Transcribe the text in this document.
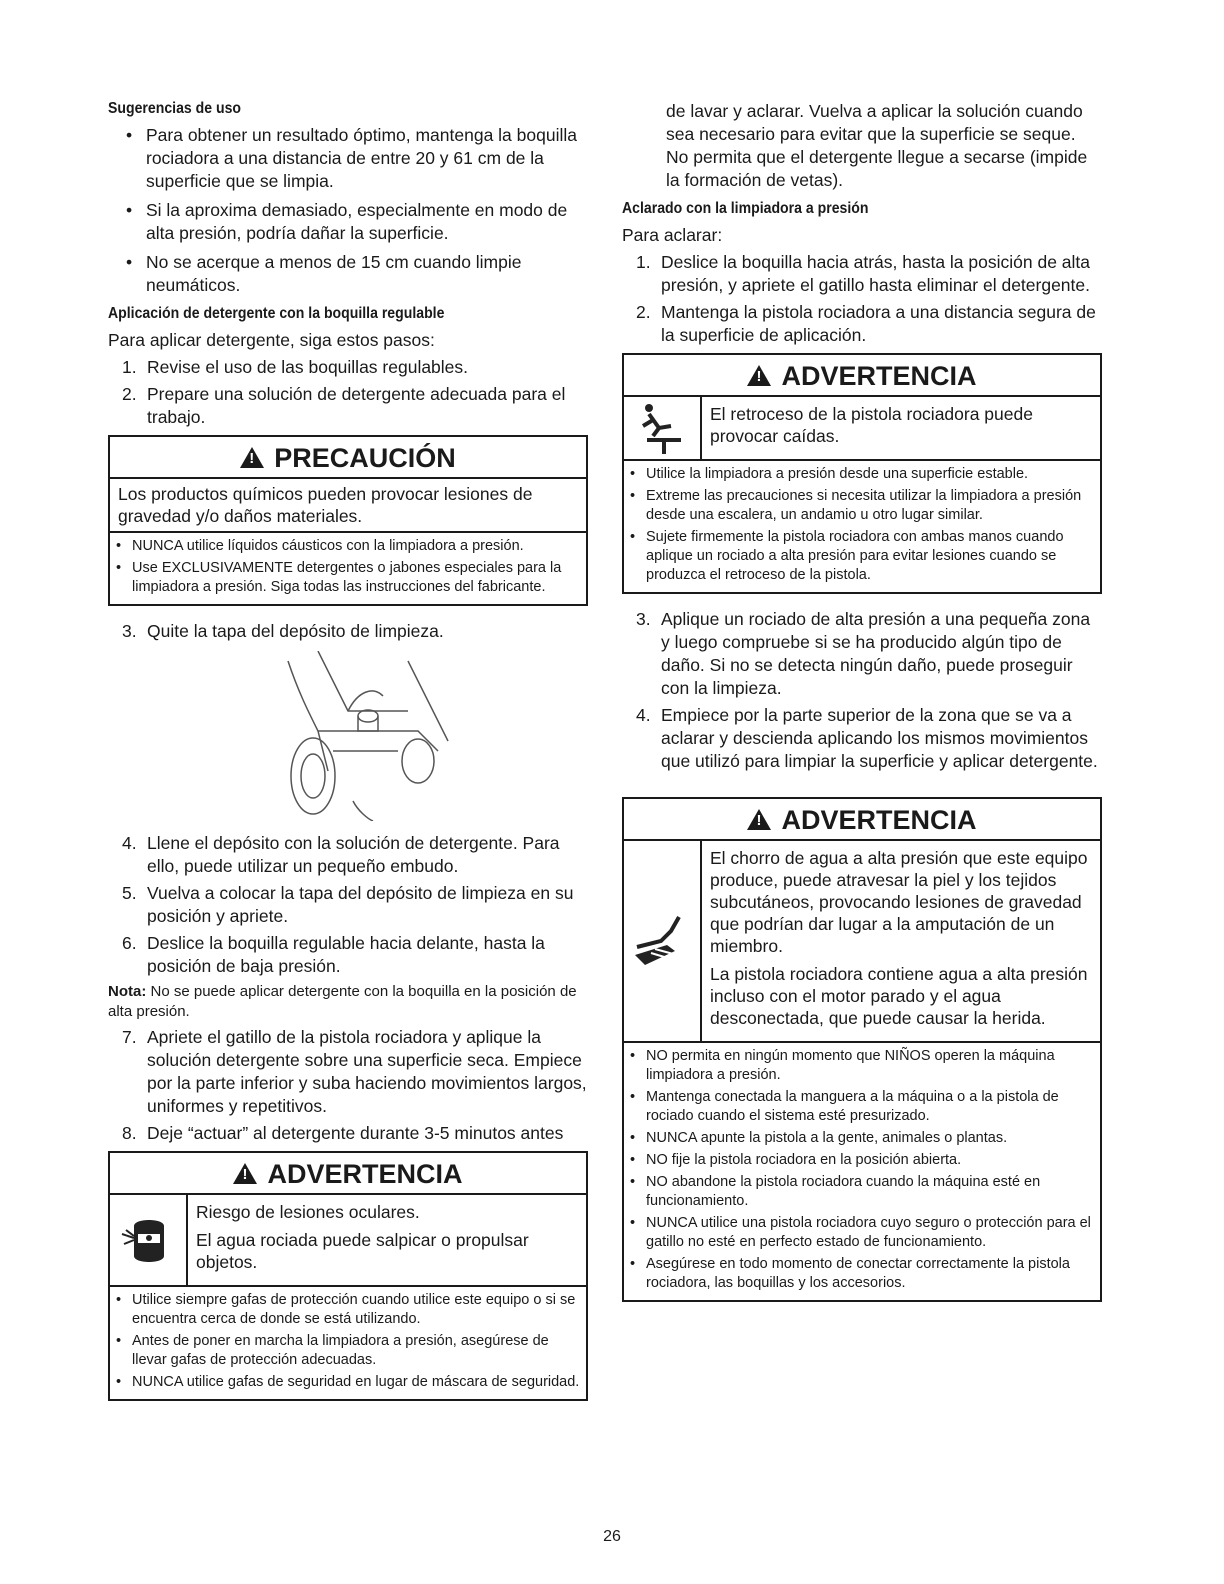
Sugerencias de uso
• Para obtener un resultado óptimo, mantenga la boquilla rociadora a una distancia de entre 20 y 61 cm de la superficie que se limpia.
• Si la aproxima demasiado, especialmente en modo de alta presión, podría dañar la superficie.
• No se acerque a menos de 15 cm cuando limpie neumáticos.
Aplicación de detergente con la boquilla regulable

Para aplicar detergente, siga estos pasos:

1. Revise el uso de las boquillas regulables.
2. Prepare una solución de detergente adecuada para el trabajo.
!PRECAUCIÓN
Los productos químicos pueden provocar lesiones de gravedad y/o daños materiales.
• NUNCA utilice líquidos cáusticos con la limpiadora a presión.
• Use EXCLUSIVAMENTE detergentes o jabones especiales para la limpiadora a presión. Siga todas las instrucciones del fabricante.
3. Quite la tapa del depósito de limpieza.
4. Llene el depósito con la solución de detergente. Para ello, puede utilizar un pequeño embudo.
5. Vuelva a colocar la tapa del depósito de limpieza en su posición y apriete.
6. Deslice la boquilla regulable hacia delante, hasta la posición de baja presión.

Nota: No se puede aplicar detergente con la boquilla en la posición de alta presión.

7. Apriete el gatillo de la pistola rociadora y aplique la solución detergente sobre una superficie seca. Empiece por la parte inferior y suba haciendo movimientos largos, uniformes y repetitivos.
8. Deje “actuar” al detergente durante 3-5 minutos antes
!ADVERTENCIA

Riesgo de lesiones oculares.

El agua rociada puede salpicar o propulsar objetos.

• Utilice siempre gafas de protección cuando utilice este equipo o si se encuentra cerca de donde se está utilizando.
• Antes de poner en marcha la limpiadora a presión, asegúrese de llevar gafas de protección adecuadas.
• NUNCA utilice gafas de seguridad en lugar de máscara de seguridad.

de lavar y aclarar. Vuelva a aplicar la solución cuando sea necesario para evitar que la superficie se seque. No permita que el detergente llegue a secarse (impide la formación de vetas).

Aclarado con la limpiadora a presión

Para aclarar:

1. Deslice la boquilla hacia atrás, hasta la posición de alta presión, y apriete el gatillo hasta eliminar el detergente.
2. Mantenga la pistola rociadora a una distancia segura de la superficie de aplicación.
!ADVERTENCIA

El retroceso de la pistola rociadora puede provocar caídas.

• Utilice la limpiadora a presión desde una superficie estable.
• Extreme las precauciones si necesita utilizar la limpiadora a presión desde una escalera, un andamio u otro lugar similar.
• Sujete firmemente la pistola rociadora con ambas manos cuando aplique un rociado a alta presión para evitar lesiones cuando se produzca el retroceso de la pistola.
3. Aplique un rociado de alta presión a una pequeña zona y luego compruebe si se ha producido algún tipo de daño. Si no se detecta ningún daño, puede proseguir con la limpieza.
4. Empiece por la parte superior de la zona que se va a aclarar y descienda aplicando los mismos movimientos que utilizó para limpiar la superficie y aplicar detergente.
!ADVERTENCIA

El chorro de agua a alta presión que este equipo produce, puede atravesar la piel y los tejidos subcutáneos, provocando lesiones de gravedad que podrían dar lugar a la amputación de un miembro.

La pistola rociadora contiene agua a alta presión incluso con el motor parado y el agua desconectada, que puede causar la herida.

• NO permita en ningún momento que NIÑOS operen la máquina limpiadora a presión.
• Mantenga conectada la manguera a la máquina o a la pistola de rociado cuando el sistema esté presurizado.
• NUNCA apunte la pistola a la gente, animales o plantas.
• NO fije la pistola rociadora en la posición abierta.
• NO abandone la pistola rociadora cuando la máquina esté en funcionamiento.
• NUNCA utilice una pistola rociadora cuyo seguro o protección para el gatillo no esté en perfecto estado de funcionamiento.
• Asegúrese en todo momento de conectar correctamente la pistola rociadora, las boquillas y los accesorios.
26
